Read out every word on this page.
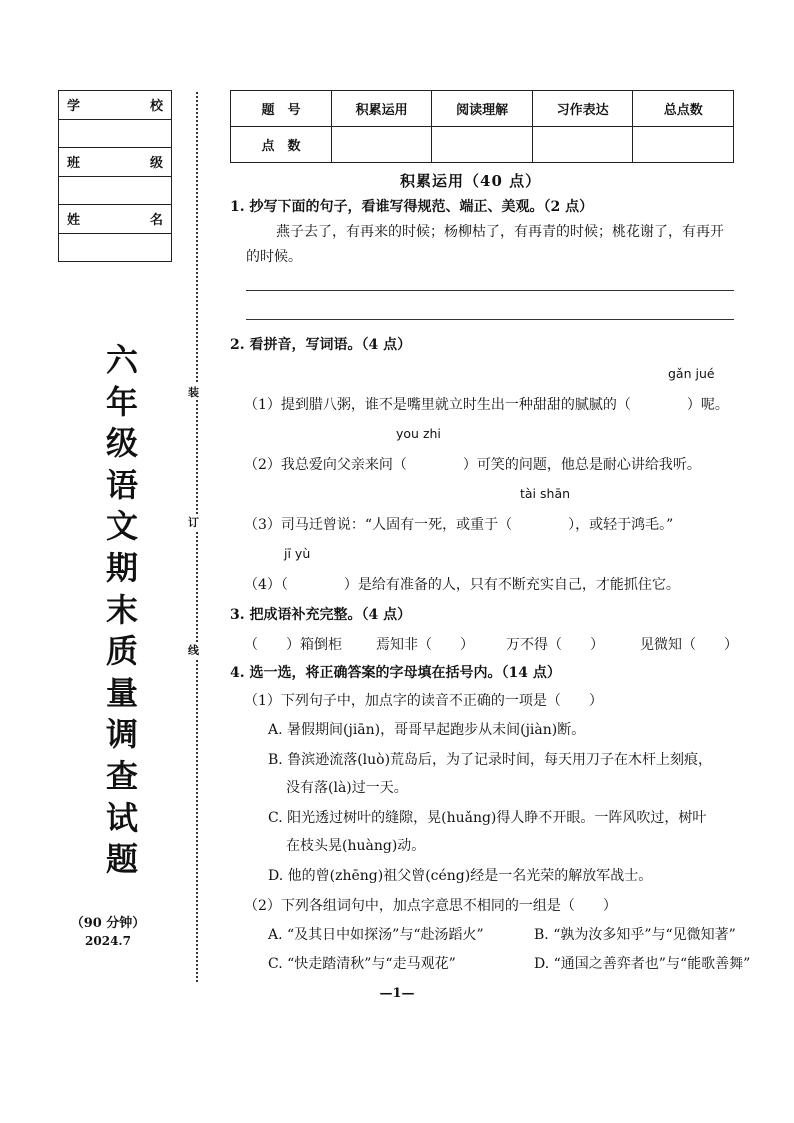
学	校

班	级

姓	名

六
年
级
语
文
期
末
质
量
调
查
试
题
（90 分钟）
2024.7
装
订
线
题　号	积累运用	阅读理解	习作表达	总点数
点　数				
积累运用（40 点）
1. 抄写下面的句子，看谁写得规范、端正、美观。（2 点）
燕子去了，有再来的时候；杨柳枯了，有再青的时候；桃花谢了，有再开
的时候。
2. 看拼音，写词语。（4 点）
gǎn jué
（1）提到腊八粥，谁不是嘴里就立时生出一种甜甜的腻腻的（　　　　）呢。
you zhi
（2）我总爱向父亲来问（　　　　）可笑的问题，他总是耐心讲给我听。
tài shān
（3）司马迁曾说：“人固有一死，或重于（　　　　），或轻于鸿毛。”
jī yù
（4）（　　　　）是给有准备的人，只有不断充实自己，才能抓住它。
3. 把成语补充完整。（4 点）
（　　）箱倒柜 焉知非（　　） 万不得（　　）	见微知（　　）
4. 选一选，将正确答案的字母填在括号内。（14 点）
（1）下列句子中，加点字的读音不正确的一项是（　　）
A. 暑假期间(jiān)，哥哥早起跑步从未间(jiàn)断。
B. 鲁滨逊流落(luò)荒岛后，为了记录时间，每天用刀子在木杆上刻痕，
没有落(là)过一天。
C. 阳光透过树叶的缝隙，晃(huǎng)得人睁不开眼。一阵风吹过，树叶
在枝头晃(huàng)动。
D. 他的曾(zhēng)祖父曾(céng)经是一名光荣的解放军战士。
（2）下列各组词句中，加点字意思不相同的一组是（　　）
A. “及其日中如探汤”与“赴汤蹈火”	B. “孰为汝多知乎”与“见微知著”
C. “快走踏清秋”与“走马观花”	D. “通国之善弈者也”与“能歌善舞”
—1—
